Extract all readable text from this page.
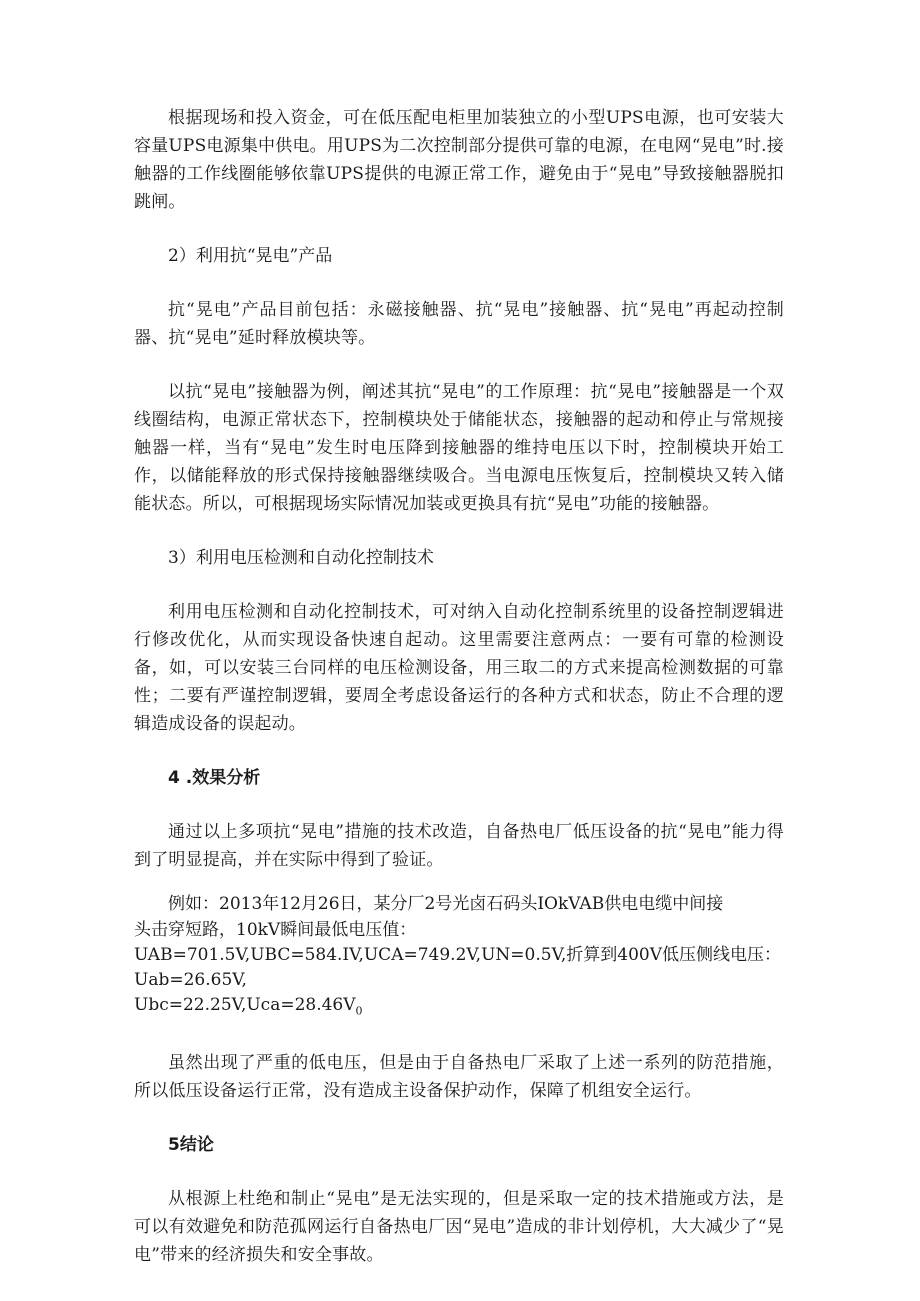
根据现场和投入资金，可在低压配电柜里加装独立的小型UPS电源，也可安装大容量UPS电源集中供电。用UPS为二次控制部分提供可靠的电源，在电网“晃电”时.接触器的工作线圈能够依靠UPS提供的电源正常工作，避免由于“晃电”导致接触器脱扣跳闸。

2）利用抗“晃电”产品

抗“晃电”产品目前包括：永磁接触器、抗“晃电”接触器、抗“晃电”再起动控制器、抗“晃电”延时释放模块等。

以抗“晃电”接触器为例，阐述其抗“晃电”的工作原理：抗“晃电”接触器是一个双线圈结构，电源正常状态下，控制模块处于储能状态，接触器的起动和停止与常规接触器一样，当有“晃电”发生时电压降到接触器的维持电压以下时，控制模块开始工作，以储能释放的形式保持接触器继续吸合。当电源电压恢复后，控制模块又转入储能状态。所以，可根据现场实际情况加装或更换具有抗“晃电”功能的接触器。

3）利用电压检测和自动化控制技术

利用电压检测和自动化控制技术，可对纳入自动化控制系统里的设备控制逻辑进行修改优化，从而实现设备快速自起动。这里需要注意两点：一要有可靠的检测设备，如，可以安装三台同样的电压检测设备，用三取二的方式来提高检测数据的可靠性；二要有严谨控制逻辑，要周全考虑设备运行的各种方式和状态，防止不合理的逻辑造成设备的误起动。

4 .效果分析

通过以上多项抗“晃电”措施的技术改造，自备热电厂低压设备的抗“晃电”能力得到了明显提高，并在实际中得到了验证。

例如：2013年12月26日，某分厂2号光卤石码头IOkVAB供电电缆中间接

头击穿短路，10kV瞬间最低电压值：

UAB=701.5V,UBC=584.IV,UCA=749.2V,UN=0.5V,折算到400V低压侧线电压：

Uab=26.65V,

$Ubc=22.25V,Uca=28.46V_0$

虽然出现了严重的低电压，但是由于自备热电厂采取了上述一系列的防范措施，所以低压设备运行正常，没有造成主设备保护动作，保障了机组安全运行。

5结论

从根源上杜绝和制止“晃电”是无法实现的，但是采取一定的技术措施或方法，是可以有效避免和防范孤网运行自备热电厂因“晃电”造成的非计划停机，大大减少了“晃电”带来的经济损失和安全事故。
